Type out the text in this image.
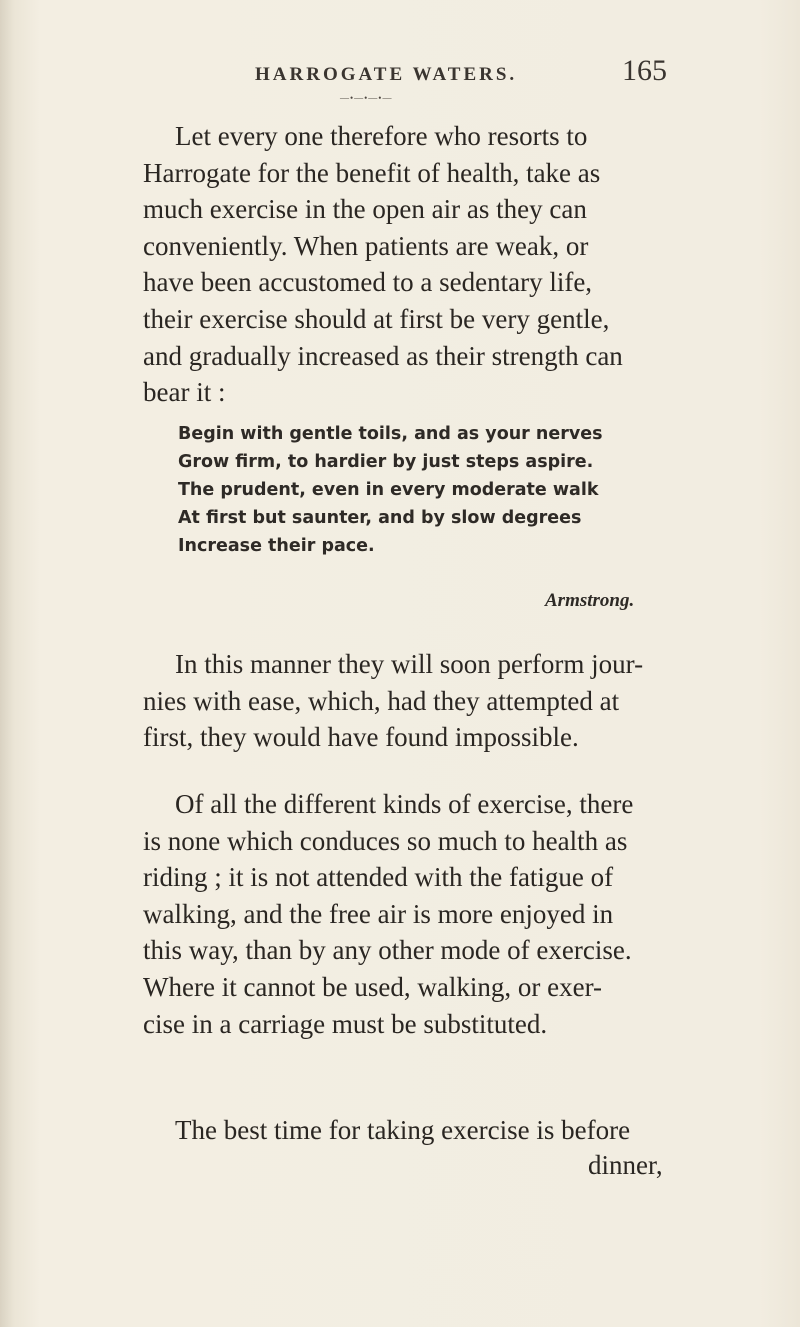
HARROGATE WATERS.	165
—•—•—•—

Let every one therefore who resorts to
Harrogate for the benefit of health, take as
much exercise in the open air as they can
conveniently. When patients are weak, or
have been accustomed to a sedentary life,
their exercise should at first be very gentle,
and gradually increased as their strength can
bear it :

Begin with gentle toils, and as your nerves
Grow firm, to hardier by just steps aspire.
The prudent, even in every moderate walk
At first but saunter, and by slow degrees
Increase their pace.
Armstrong.

In this manner they will soon perform jour-
nies with ease, which, had they attempted at
first, they would have found impossible.

Of all the different kinds of exercise, there
is none which conduces so much to health as
riding ; it is not attended with the fatigue of
walking, and the free air is more enjoyed in
this way, than by any other mode of exercise.
Where it cannot be used, walking, or exer-
cise in a carriage must be substituted.

The best time for taking exercise is before

dinner,
